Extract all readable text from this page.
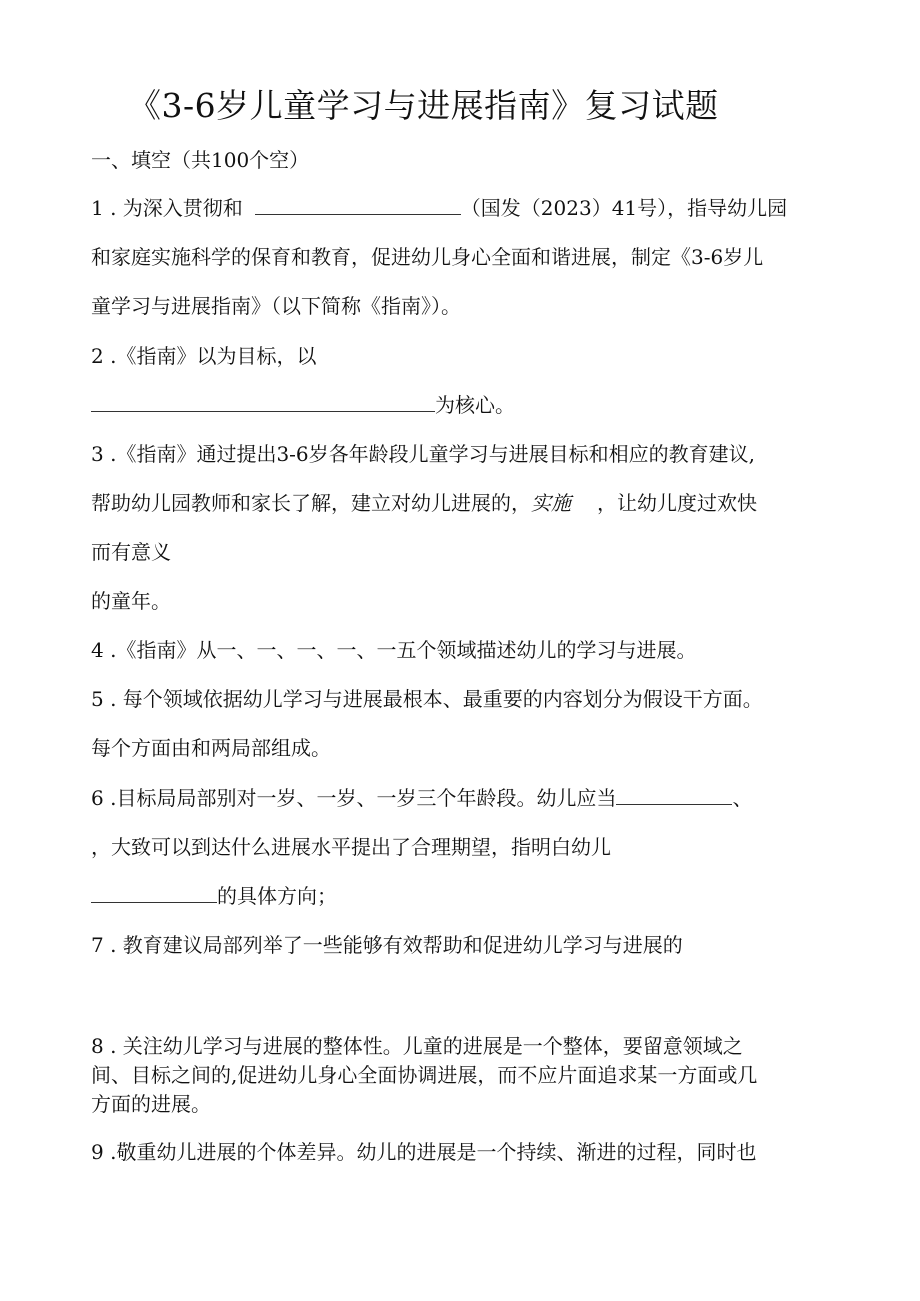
《3-6岁儿童学习与进展指南》复习试题
一、填空（共100个空）
1 . 为深入贯彻和	（国发（2023）41号），指导幼儿园
和家庭实施科学的保育和教育，促进幼儿身心全面和谐进展，制定《3-6岁儿
童学习与进展指南》（以下简称《指南》）。
2 .《指南》以为目标，以
为核心。
3 .《指南》通过提出3-6岁各年龄段儿童学习与进展目标和相应的教育建议,
帮助幼儿园教师和家长了解，建立对幼儿进展的，实施 ，让幼儿度过欢快
而有意义
的童年。
4 .《指南》从一、一、一、一、一五个领域描述幼儿的学习与进展。
5 . 每个领域依据幼儿学习与进展最根本、最重要的内容划分为假设干方面。
每个方面由和两局部组成。
6 .目标局局部别对一岁、一岁、一岁三个年龄段。幼儿应当	、
，大致可以到达什么进展水平提出了合理期望，指明白幼儿
的具体方向；
7 . 教育建议局部列举了一些能够有效帮助和促进幼儿学习与进展的
8 . 关注幼儿学习与进展的整体性。儿童的进展是一个整体，要留意领域之
间、目标之间的,促进幼儿身心全面协调进展，而不应片面追求某一方面或几
方面的进展。
9 .敬重幼儿进展的个体差异。幼儿的进展是一个持续、渐进的过程，同时也
